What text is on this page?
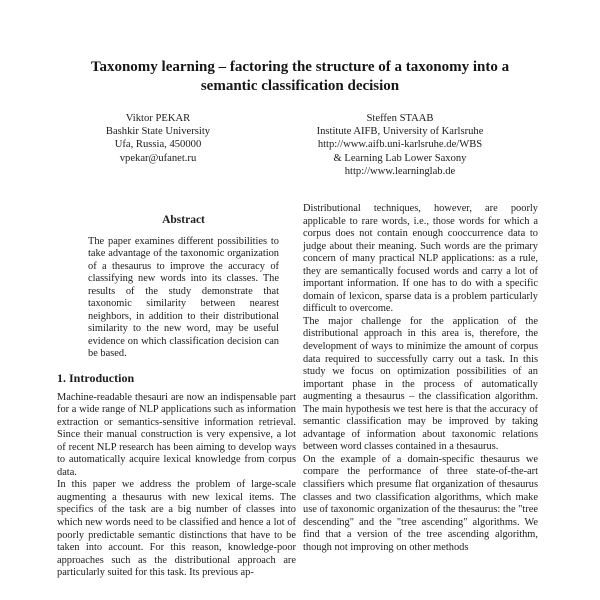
Taxonomy learning – factoring the structure of a taxonomy into a semantic classification decision
Viktor PEKAR
Bashkir State University
Ufa, Russia, 450000
vpekar@ufanet.ru
Steffen STAAB
Institute AIFB, University of Karlsruhe
http://www.aifb.uni-karlsruhe.de/WBS
& Learning Lab Lower Saxony
http://www.learninglab.de
Abstract

The paper examines different possibilities to take advantage of the taxonomic organization of a thesaurus to improve the accuracy of classifying new words into its classes. The results of the study demonstrate that taxonomic similarity between nearest neighbors, in addition to their distributional similarity to the new word, may be useful evidence on which classification decision can be based.

1. Introduction

Machine-readable thesauri are now an indispensable part for a wide range of NLP applications such as information extraction or semantics-sensitive information retrieval. Since their manual construction is very expensive, a lot of recent NLP research has been aiming to develop ways to automatically acquire lexical knowledge from corpus data.

In this paper we address the problem of large-scale augmenting a thesaurus with new lexical items. The specifics of the task are a big number of classes into which new words need to be classified and hence a lot of poorly predictable semantic distinctions that have to be taken into account. For this reason, knowledge-poor approaches such as the distributional approach are particularly suited for this task. Its previous ap-

Distributional techniques, however, are poorly applicable to rare words, i.e., those words for which a corpus does not contain enough cooccurrence data to judge about their meaning. Such words are the primary concern of many practical NLP applications: as a rule, they are semantically focused words and carry a lot of important information. If one has to do with a specific domain of lexicon, sparse data is a problem particularly difficult to overcome.

The major challenge for the application of the distributional approach in this area is, therefore, the development of ways to minimize the amount of corpus data required to successfully carry out a task. In this study we focus on optimization possibilities of an important phase in the process of automatically augmenting a thesaurus – the classification algorithm. The main hypothesis we test here is that the accuracy of semantic classification may be improved by taking advantage of information about taxonomic relations between word classes contained in a thesaurus.

On the example of a domain-specific thesaurus we compare the performance of three state-of-the-art classifiers which presume flat organization of thesaurus classes and two classification algorithms, which make use of taxonomic organization of the thesaurus: the "tree descending" and the "tree ascending" algorithms. We find that a version of the tree ascending algorithm, though not improving on other methods
